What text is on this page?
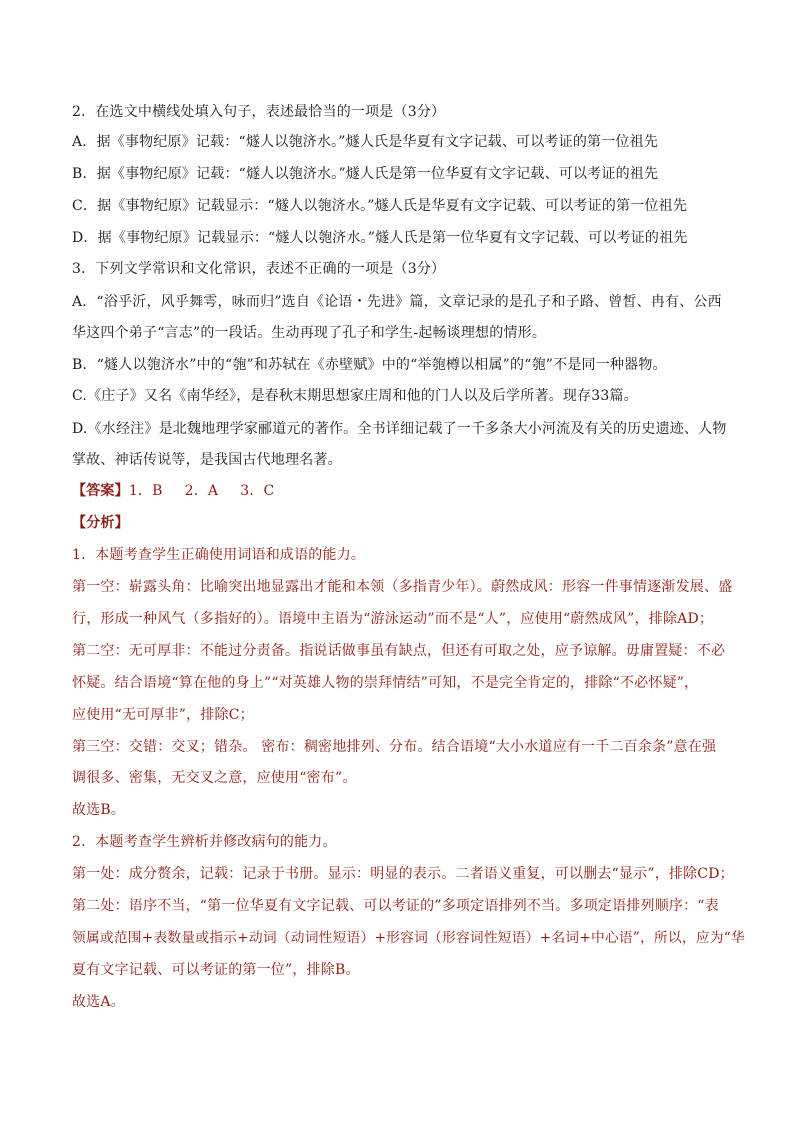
2．在选文中横线处填入句子，表述最恰当的一项是（3分）
A．据《事物纪原》记载：“燧人以匏济水。”燧人氏是华夏有文字记载、可以考证的第一位祖先
B．据《事物纪原》记载：“燧人以匏济水。”燧人氏是第一位华夏有文字记载、可以考证的祖先
C．据《事物纪原》记载显示：“燧人以匏济水。”燧人氏是华夏有文字记载、可以考证的第一位祖先
D．据《事物纪原》记载显示：“燧人以匏济水。”燧人氏是第一位华夏有文字记载、可以考证的祖先
3．下列文学常识和文化常识，表述不正确的一项是（3分）
A．“浴乎沂，风乎舞雩，咏而归”选自《论语・先进》篇，文章记录的是孔子和子路、曾皙、冉有、公西
华这四个弟子“言志”的一段话。生动再现了孔子和学生-起畅谈理想的情形。
B．“燧人以匏济水”中的“匏”和苏轼在《赤壁赋》中的“举匏樽以相属”的“匏”不是同一种器物。
C.《庄子》又名《南华经》，是春秋末期思想家庄周和他的门人以及后学所著。现存33篇。
D.《水经注》是北魏地理学家郦道元的著作。全书详细记载了一千多条大小河流及有关的历史遗迹、人物
掌故、神话传说等，是我国古代地理名著。
【答案】1．B 2．A 3．C
【分析】
1．本题考查学生正确使用词语和成语的能力。
第一空：崭露头角：比喻突出地显露出才能和本领（多指青少年）。蔚然成风：形容一件事情逐渐发展、盛
行，形成一种风气（多指好的）。语境中主语为“游泳运动”而不是“人”，应使用“蔚然成风”，排除AD；
第二空：无可厚非：不能过分责备。指说话做事虽有缺点，但还有可取之处，应予谅解。毋庸置疑：不必
怀疑。结合语境“算在他的身上”“对英雄人物的崇拜情结”可知，不是完全肯定的，排除“不必怀疑”，
应使用“无可厚非”，排除C；
第三空：交错：交叉；错杂。 密布：稠密地排列、分布。结合语境“大小水道应有一千二百余条”意在强
调很多、密集，无交叉之意，应使用“密布”。
故选B。
2．本题考查学生辨析并修改病句的能力。
第一处：成分赘余，记载：记录于书册。显示：明显的表示。二者语义重复，可以删去“显示”，排除CD；
第二处：语序不当，“第一位华夏有文字记载、可以考证的”多项定语排列不当。多项定语排列顺序：“表
领属或范围+表数量或指示+动词（动词性短语）+形容词（形容词性短语）+名词+中心语”，所以，应为“华
夏有文字记载、可以考证的第一位”，排除B。
故选A。
